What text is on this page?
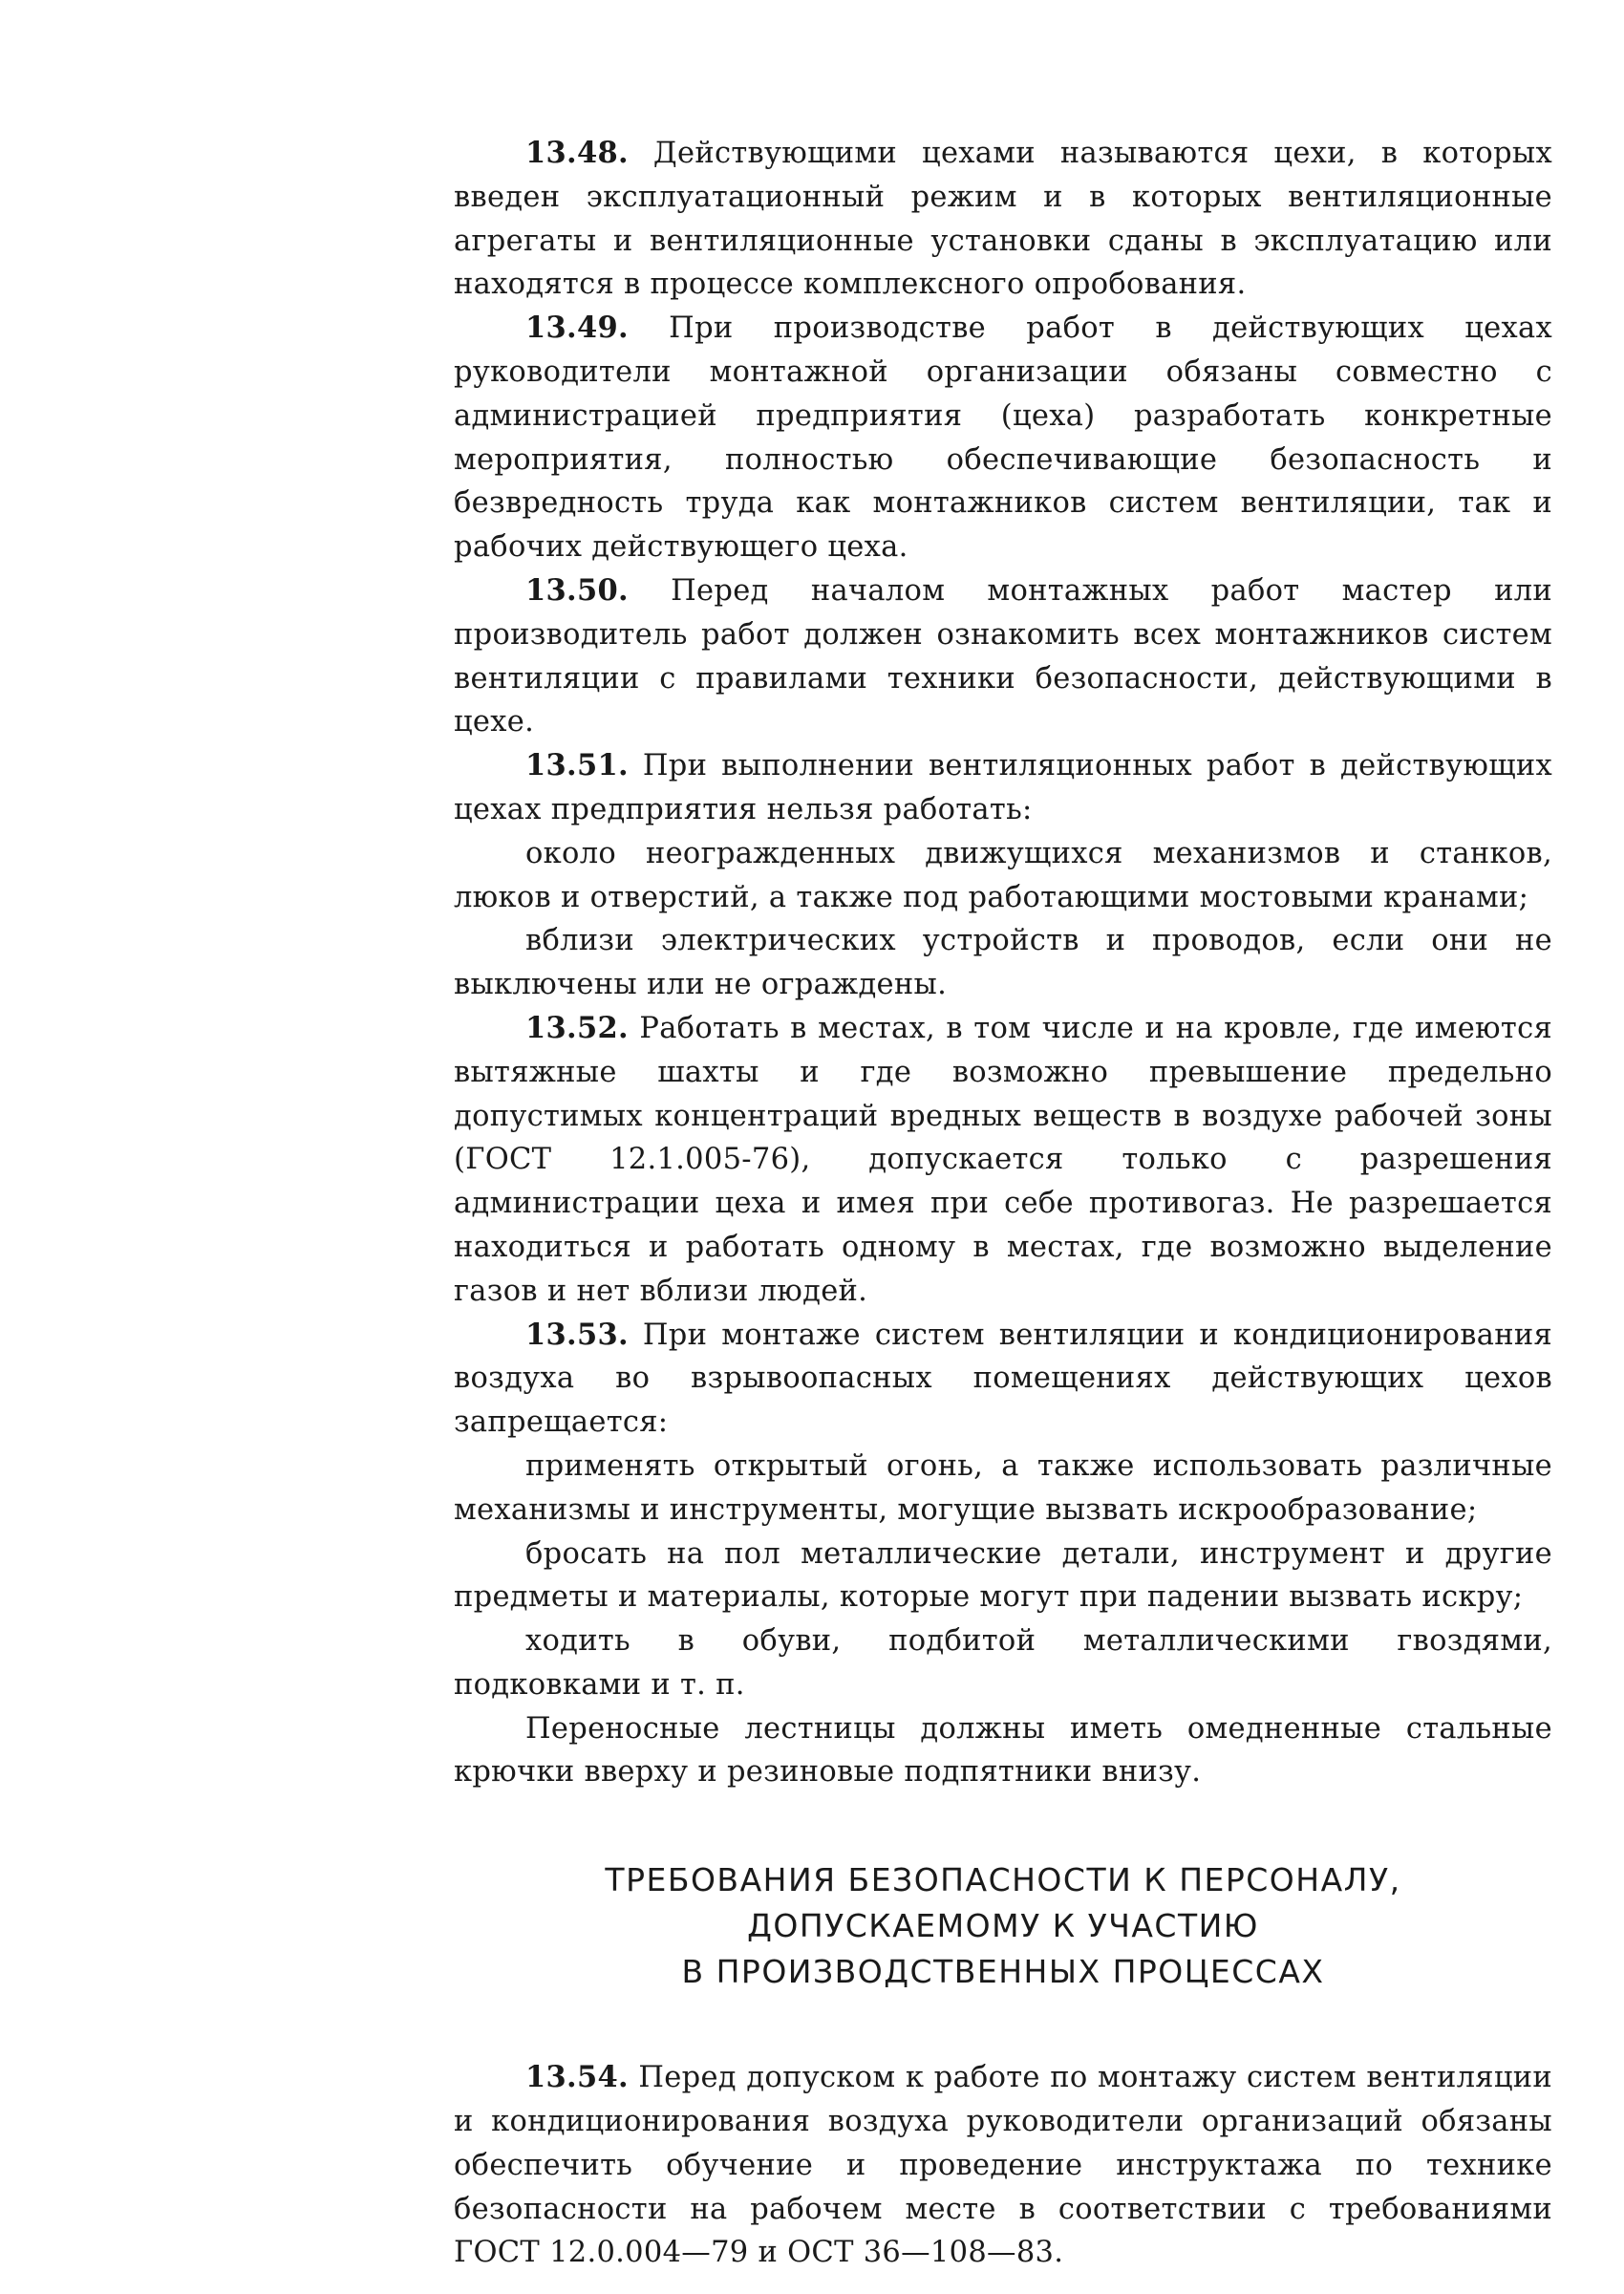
13.48. Действующими цехами называются цехи, в которых введен эксплуатационный режим и в которых вентиляционные агрегаты и вентиляционные установки сданы в эксплуатацию или находятся в процессе комплексного опробования.

13.49. При производстве работ в действующих цехах руководители монтажной организации обязаны совместно с администрацией предприятия (цеха) разработать конкретные мероприятия, полностью обеспечивающие безопасность и безвредность труда как монтажников систем вентиляции, так и рабочих действующего цеха.

13.50. Перед началом монтажных работ мастер или производитель работ должен ознакомить всех монтажников систем вентиляции с правилами техники безопасности, действующими в цехе.

13.51. При выполнении вентиляционных работ в действующих цехах предприятия нельзя работать:

около неогражденных движущихся механизмов и станков, люков и отверстий, а также под работающими мостовыми кранами;

вблизи электрических устройств и проводов, если они не выключены или не ограждены.

13.52. Работать в местах, в том числе и на кровле, где имеются вытяжные шахты и где возможно превышение предельно допустимых концентраций вредных веществ в воздухе рабочей зоны (ГОСТ 12.1.005-76), допускается только с разрешения администрации цеха и имея при себе противогаз. Не разрешается находиться и работать одному в местах, где возможно выделение газов и нет вблизи людей.

13.53. При монтаже систем вентиляции и кондиционирования воздуха во взрывоопасных помещениях действующих цехов запрещается:

применять открытый огонь, а также использовать различные механизмы и инструменты, могущие вызвать искрообразование;

бросать на пол металлические детали, инструмент и другие предметы и материалы, которые могут при падении вызвать искру;

ходить в обуви, подбитой металлическими гвоздями, подковками и т. п.

Переносные лестницы должны иметь омедненные стальные крючки вверху и резиновые подпятники внизу.

ТРЕБОВАНИЯ БЕЗОПАСНОСТИ К ПЕРСОНАЛУ,

ДОПУСКАЕМОМУ К УЧАСТИЮ

В ПРОИЗВОДСТВЕННЫХ ПРОЦЕССАХ

13.54. Перед допуском к работе по монтажу систем вентиляции и кондиционирования воздуха руководители организаций обязаны обеспечить обучение и проведение инструктажа по технике безопасности на рабочем месте в соответствии с требованиями ГОСТ 12.0.004—79 и ОСТ 36—108—83.
